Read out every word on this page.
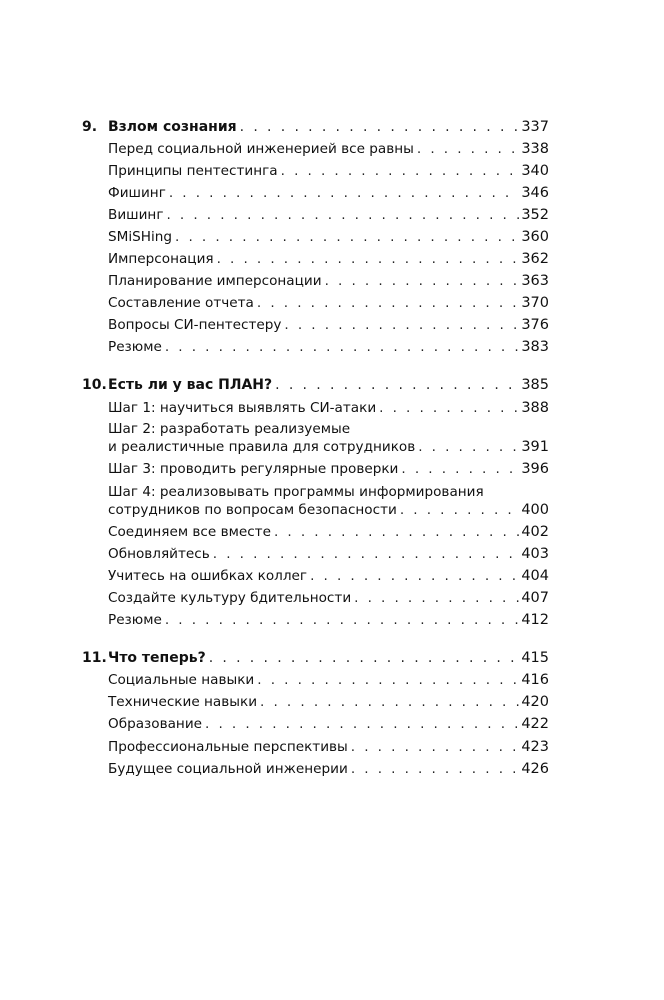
9. Взлом сознания . . .	337
Перед социальной инженерией все равны . . .	338
Принципы пентестинга . . .	340
Фишинг . . .	346
Вишинг . . .	352
SMiSHing . . .	360
Имперсонация . . .	362
Планирование имперсонации . . .	363
Составление отчета . . .	370
Вопросы СИ-пентестеру . . .	376
Резюме . . .	383
10. Есть ли у вас ПЛАН? . . .	385
Шаг 1: научиться выявлять СИ-атаки . . .	388
Шаг 2: разработать реализуемые
и реалистичные правила для сотрудников . . .	391
Шаг 3: проводить регулярные проверки . . .	396
Шаг 4: реализовывать программы информирования
сотрудников по вопросам безопасности . . .	400
Соединяем все вместе . . .	402
Обновляйтесь . . .	403
Учитесь на ошибках коллег . . .	404
Создайте культуру бдительности . . .	407
Резюме . . .	412
11. Что теперь? . . .	415
Социальные навыки . . .	416
Технические навыки . . .	420
Образование . . .	422
Профессиональные перспективы . . .	423
Будущее социальной инженерии . . .	426
